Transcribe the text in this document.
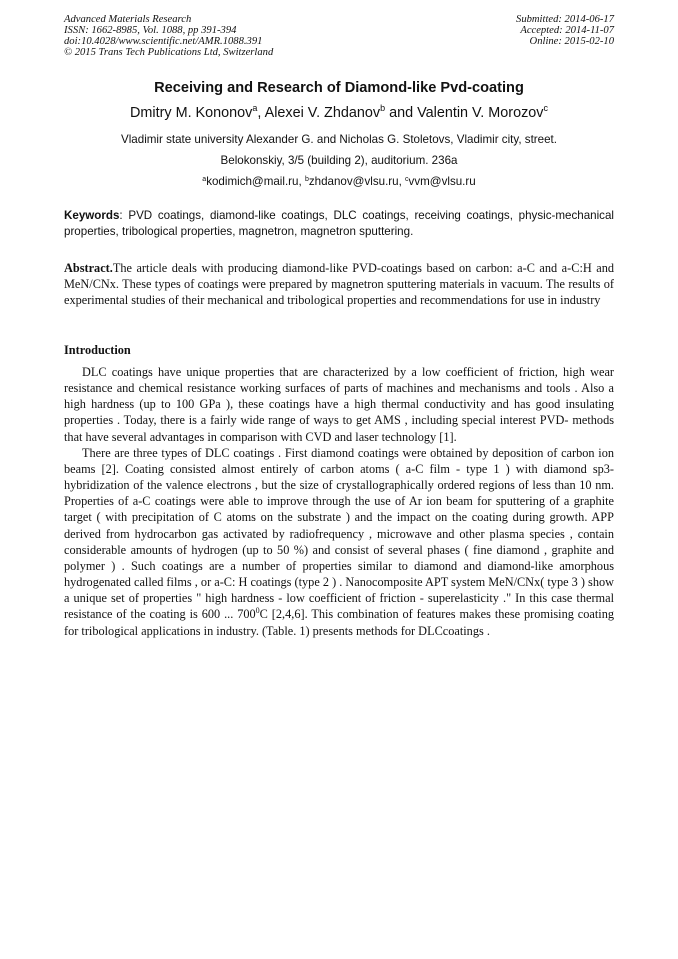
Advanced Materials Research
ISSN: 1662-8985, Vol. 1088, pp 391-394
doi:10.4028/www.scientific.net/AMR.1088.391
© 2015 Trans Tech Publications Ltd, Switzerland
Submitted: 2014-06-17
Accepted: 2014-11-07
Online: 2015-02-10
Receiving and Research of Diamond-like Pvd-coating
Dmitry M. Kononov$^a$, Alexei V. Zhdanov$^b$ and Valentin V. Morozov$^c$
Vladimir state university Alexander G. and Nicholas G. Stoletovs, Vladimir city, street.
Belokonskiy, 3/5 (building 2), auditorium. 236a
$^a$kodimich@mail.ru, $^b$zhdanov@vlsu.ru, $^c$vvm@vlsu.ru
Keywords: PVD coatings, diamond-like coatings, DLC coatings, receiving coatings, physic-mechanical properties, tribological properties, magnetron, magnetron sputtering.
Abstract.The article deals with producing diamond-like PVD-coatings based on carbon: a-C and a-C:H and MeN/CNx. These types of coatings were prepared by magnetron sputtering materials in vacuum. The results of experimental studies of their mechanical and tribological properties and recommendations for use in industry
Introduction

DLC coatings have unique properties that are characterized by a low coefficient of friction, high wear resistance and chemical resistance working surfaces of parts of machines and mechanisms and tools . Also a high hardness (up to 100 GPa ), these coatings have a high thermal conductivity and has good insulating properties . Today, there is a fairly wide range of ways to get AMS , including special interest PVD- methods that have several advantages in comparison with CVD and laser technology [1].

There are three types of DLC coatings . First diamond coatings were obtained by deposition of carbon ion beams [2]. Coating consisted almost entirely of carbon atoms ( a-C film - type 1 ) with diamond sp3- hybridization of the valence electrons , but the size of crystallographically ordered regions of less than 10 nm. Properties of a-C coatings were able to improve through the use of Ar ion beam for sputtering of a graphite target ( with precipitation of C atoms on the substrate ) and the impact on the coating during growth. APP derived from hydrocarbon gas activated by radiofrequency , microwave and other plasma species , contain considerable amounts of hydrogen (up to 50 %) and consist of several phases ( fine diamond , graphite and polymer ) . Such coatings are a number of properties similar to diamond and diamond-like amorphous hydrogenated called films , or a-C: H coatings (type 2 ) . Nanocomposite APT system MeN/CNx( type 3 ) show a unique set of properties " high hardness - low coefficient of friction - superelasticity ." In this case thermal resistance of the coating is 600 ... $700^0C$ [2,4,6]. This combination of features makes these promising coating for tribological applications in industry. (Table. 1) presents methods for DLCcoatings .
